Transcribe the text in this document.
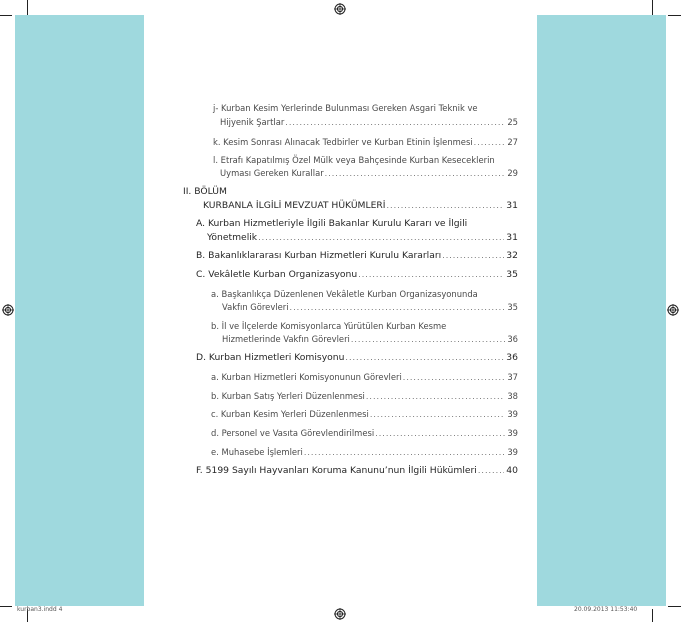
kurban3.indd 4	20.09.2013 11:53:40
j- Kurban Kesim Yerlerinde Bulunması Gereken Asgari Teknik ve
Hijyenik Şartlar .....	25
k. Kesim Sonrası Alınacak Tedbirler ve Kurban Etinin İşlenmesi .....	27
l. Etrafı Kapatılmış Özel Mülk veya Bahçesinde Kurban Keseceklerin
Uyması Gereken Kurallar .....	29
II. BÖLÜM
KURBANLA İLGİLİ MEVZUAT HÜKÜMLERİ .....	31
A. Kurban Hizmetleriyle İlgili Bakanlar Kurulu Kararı ve İlgili
Yönetmelik .....	31
B. Bakanlıklararası Kurban Hizmetleri Kurulu Kararları .....	32
C. Vekâletle Kurban Organizasyonu .....	35
a. Başkanlıkça Düzenlenen Vekâletle Kurban Organizasyonunda
Vakfın Görevleri .....	35
b. İl ve İlçelerde Komisyonlarca Yürütülen Kurban Kesme
Hizmetlerinde Vakfın Görevleri .....	36
D. Kurban Hizmetleri Komisyonu .....	36
a. Kurban Hizmetleri Komisyonunun Görevleri .....	37
b. Kurban Satış Yerleri Düzenlenmesi .....	38
c. Kurban Kesim Yerleri Düzenlenmesi .....	39
d. Personel ve Vasıta Görevlendirilmesi .....	39
e. Muhasebe İşlemleri .....	39
F. 5199 Sayılı Hayvanları Koruma Kanunu’nun İlgili Hükümleri .....	40
